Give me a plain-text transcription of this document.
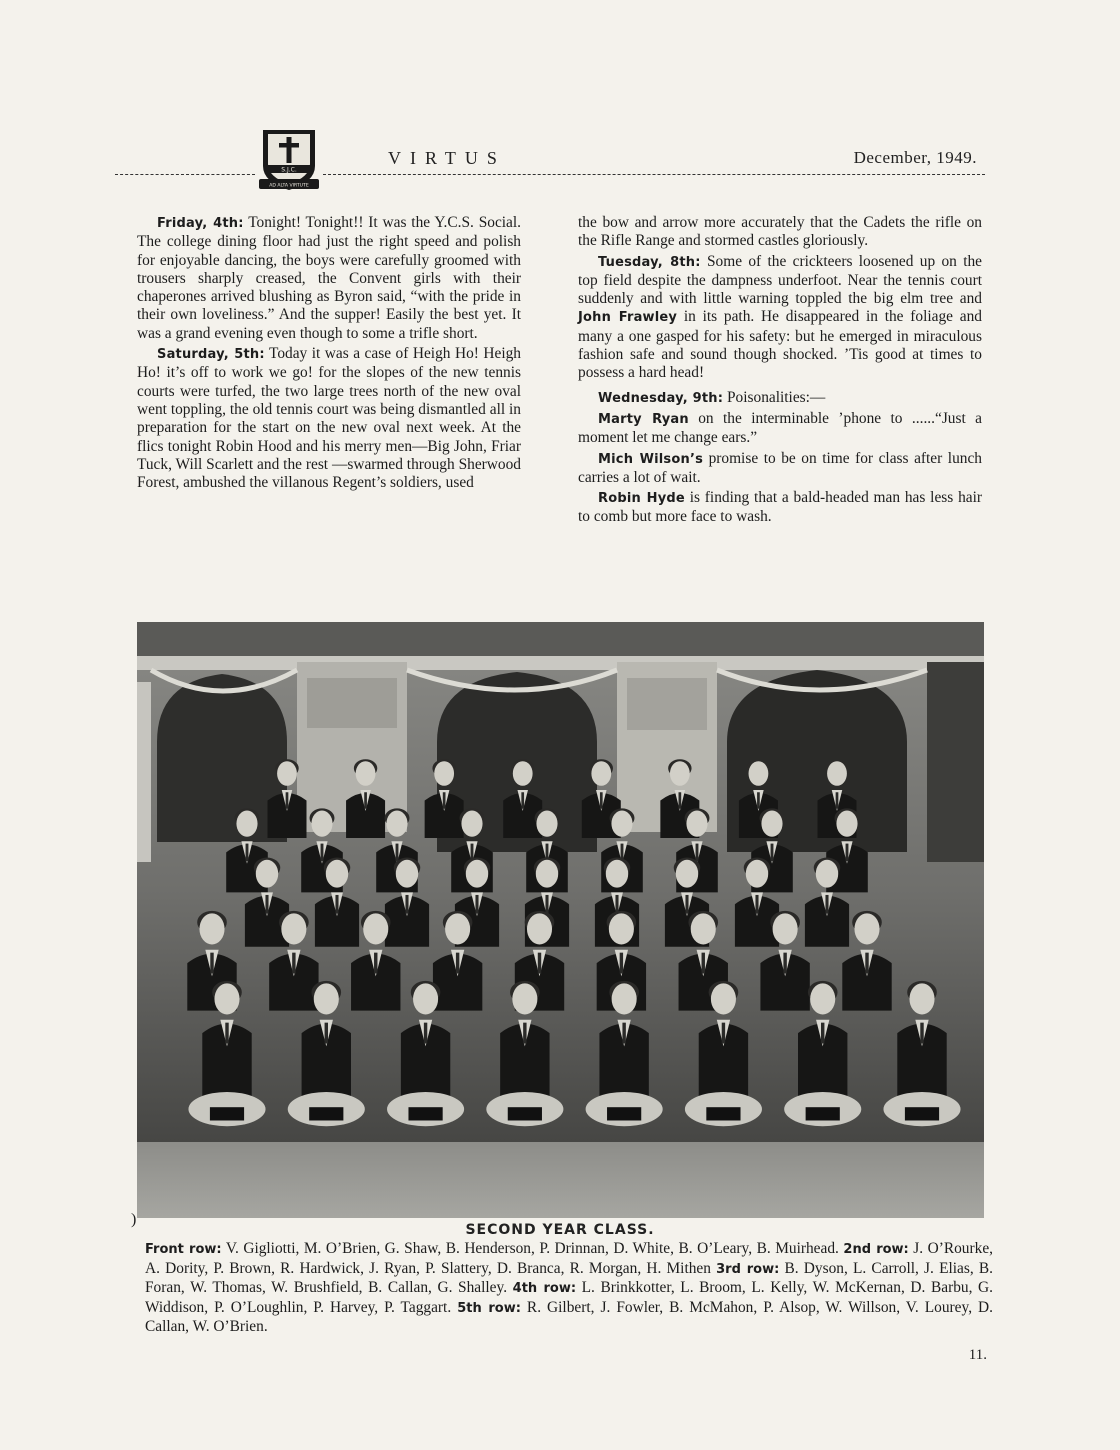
S.J.C.
AD ALTA VIRTUTE
VIRTUS	December, 1949.

Friday, 4th: Tonight! Tonight!! It was the Y.C.S. Social. The college dining floor had just the right speed and polish for enjoyable dancing, the boys were carefully groomed with trousers sharply creased, the Convent girls with their chaperones arrived blushing as Byron said, “with the pride in their own loveliness.” And the supper! Easily the best yet. It was a grand evening even though to some a trifle short.

Saturday, 5th: Today it was a case of Heigh Ho! Heigh Ho! it’s off to work we go! for the slopes of the new tennis courts were turfed, the two large trees north of the new oval went toppling, the old tennis court was being dismantled all in preparation for the start on the new oval next week. At the flics tonight Robin Hood and his merry men—Big John, Friar Tuck, Will Scarlett and the rest —swarmed through Sherwood Forest, ambushed the villanous Regent’s soldiers, used

the bow and arrow more accurately that the Cadets the rifle on the Rifle Range and stormed castles gloriously.

Tuesday, 8th: Some of the crickteers loosened up on the top field despite the dampness underfoot. Near the tennis court suddenly and with little warning toppled the big elm tree and John Frawley in its path. He disappeared in the foliage and many a one gasped for his safety: but he emerged in miraculous fashion safe and sound though shocked. ’Tis good at times to possess a hard head!

Wednesday, 9th: Poisonalities:—

Marty Ryan on the interminable ’phone to ......“Just a moment let me change ears.”

Mich Wilson’s promise to be on time for class after lunch carries a lot of wait.

Robin Hyde is finding that a bald-headed man has less hair to comb but more face to wash.

)
SECOND YEAR CLASS.
Front row: V. Gigliotti, M. O’Brien, G. Shaw, B. Henderson, P. Drinnan, D. White, B. O’Leary, B. Muirhead. 2nd row: J. O’Rourke, A. Dority, P. Brown, R. Hardwick, J. Ryan, P. Slattery, D. Branca, R. Morgan, H. Mithen 3rd row: B. Dyson, L. Carroll, J. Elias, B. Foran, W. Thomas, W. Brushfield, B. Callan, G. Shalley. 4th row: L. Brinkkotter, L. Broom, L. Kelly, W. McKernan, D. Barbu, G. Widdison, P. O’Loughlin, P. Harvey, P. Taggart. 5th row: R. Gilbert, J. Fowler, B. McMahon, P. Alsop, W. Willson, V. Lourey, D. Callan, W. O’Brien.
11.
